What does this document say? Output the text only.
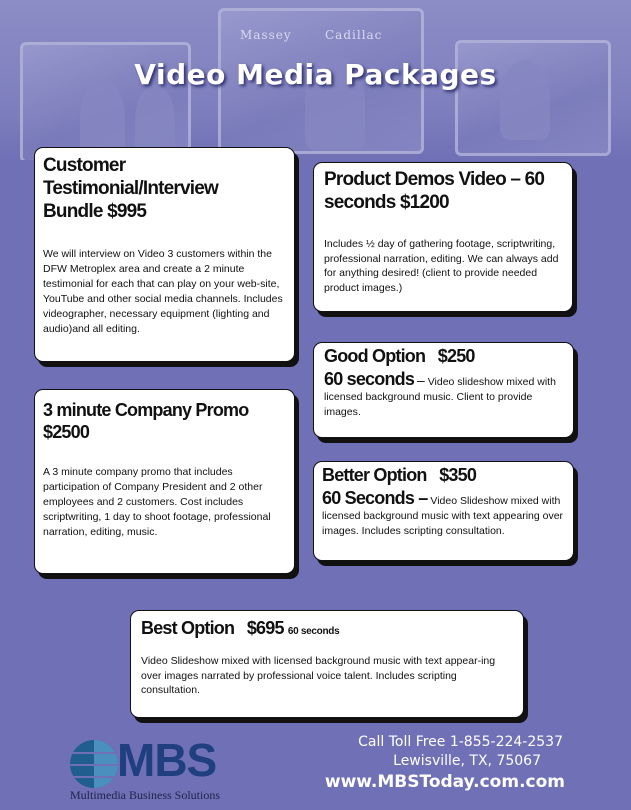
Massey	Cadillac
Video Media Packages
Customer Testimonial/Interview Bundle $995
We will interview on Video 3 customers within the DFW Metroplex area and create a 2 minute testimonial for each that can play on your web-site, YouTube and other social media channels. Includes videographer, necessary equipment (lighting and audio)and all editing.
Product Demos Video – 60 seconds $1200
Includes ½ day of gathering footage, scriptwriting, professional narration, editing. We can always add for anything desired! (client to provide needed product images.)
Good Option $250
60 seconds – Video slideshow mixed with licensed background music. Client to provide images.
3 minute Company Promo $2500
A 3 minute company promo that includes participation of Company President and 2 other employees and 2 customers. Cost includes scriptwriting, 1 day to shoot footage, professional narration, editing, music.
Better Option $350
60 Seconds – Video Slideshow mixed with licensed background music with text appearing over images. Includes scripting consultation.
Best Option $695 60 seconds
Video Slideshow mixed with licensed background music with text appear-ing over images narrated by professional voice talent. Includes scripting consultation.
MBS
Multimedia Business Solutions
Call Toll Free 1-855-224-2537
Lewisville, TX, 75067
www.MBSToday.com.com
